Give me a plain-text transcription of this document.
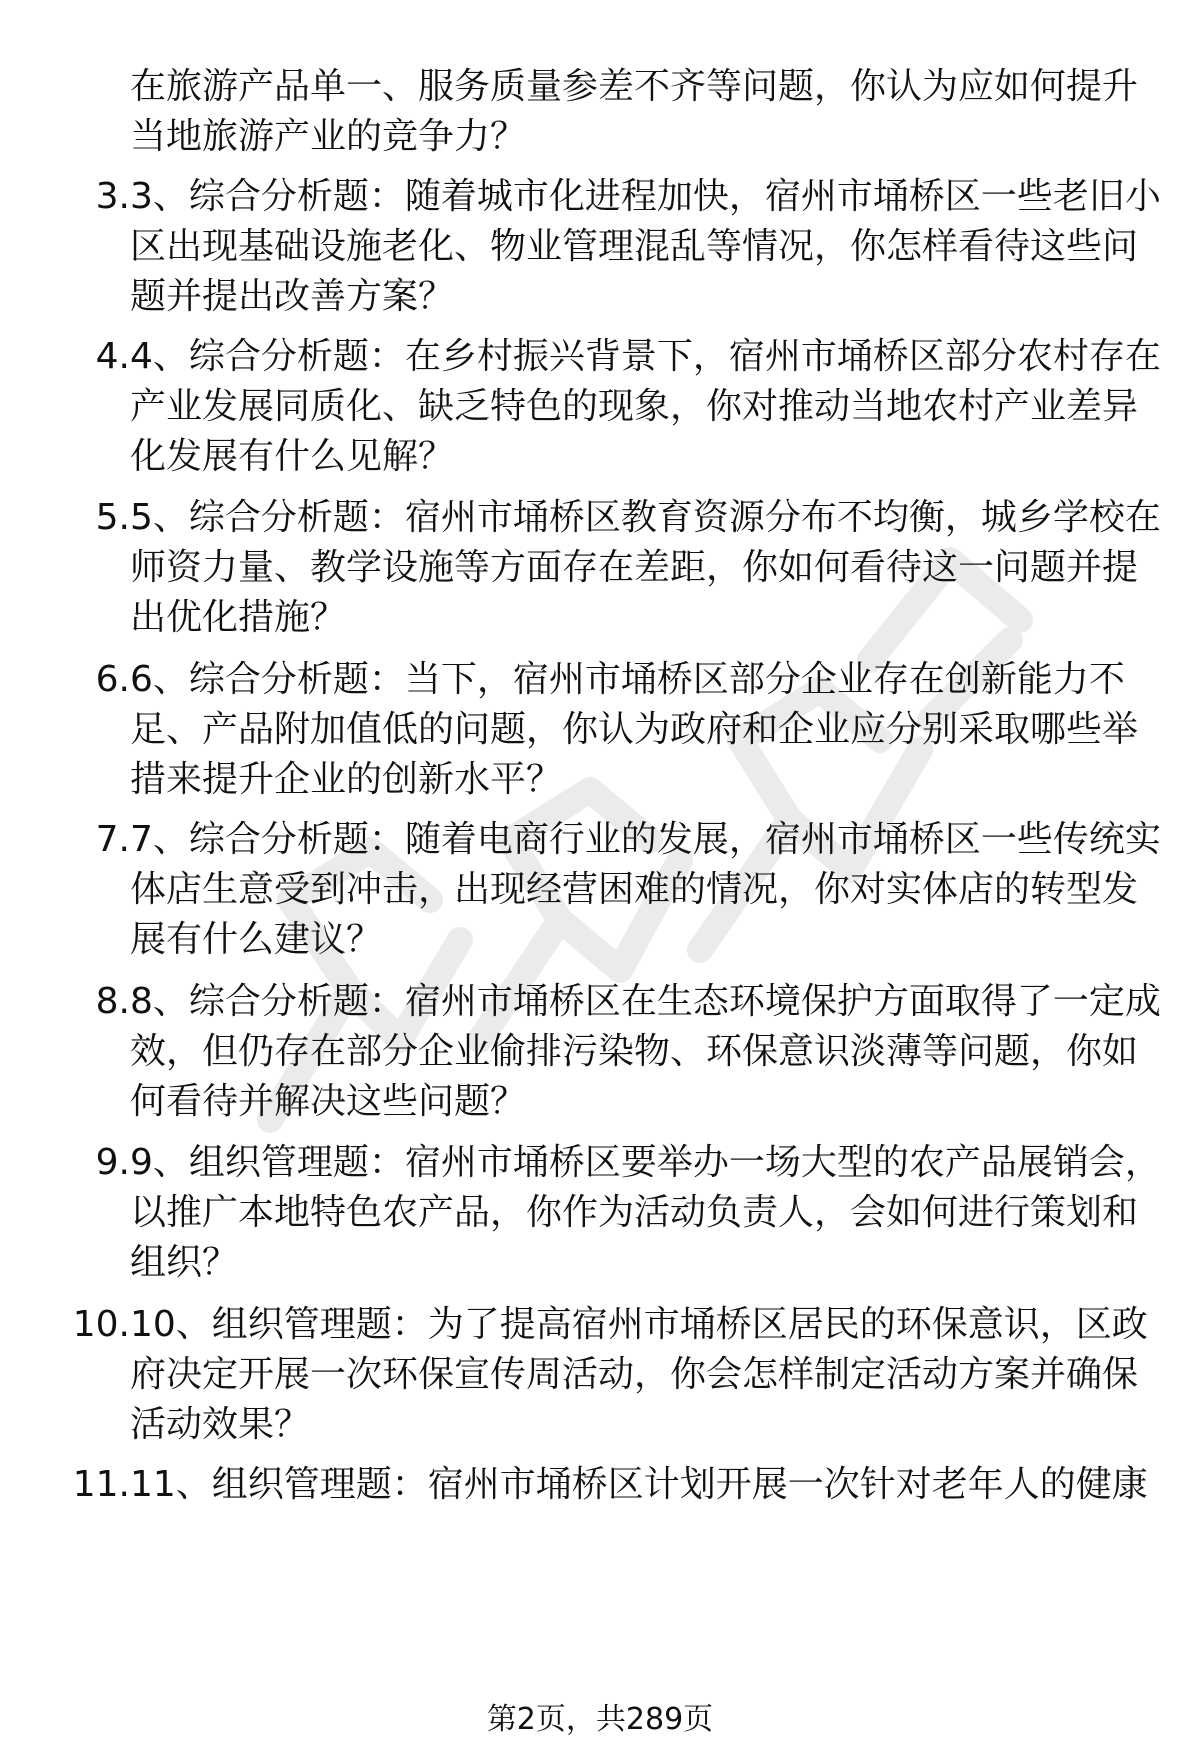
在旅游产品单一、服务质量参差不齐等问题，你认为应如何提升
当地旅游产业的竞争力？
3. 3、综合分析题：随着城市化进程加快，宿州市埇桥区一些老旧小
区出现基础设施老化、物业管理混乱等情况，你怎样看待这些问
题并提出改善方案？
4. 4、综合分析题：在乡村振兴背景下，宿州市埇桥区部分农村存在
产业发展同质化、缺乏特色的现象，你对推动当地农村产业差异
化发展有什么见解？
5. 5、综合分析题：宿州市埇桥区教育资源分布不均衡，城乡学校在
师资力量、教学设施等方面存在差距，你如何看待这一问题并提
出优化措施？
6. 6、综合分析题：当下，宿州市埇桥区部分企业存在创新能力不
足、产品附加值低的问题，你认为政府和企业应分别采取哪些举
措来提升企业的创新水平？
7. 7、综合分析题：随着电商行业的发展，宿州市埇桥区一些传统实
体店生意受到冲击，出现经营困难的情况，你对实体店的转型发
展有什么建议？
8. 8、综合分析题：宿州市埇桥区在生态环境保护方面取得了一定成
效，但仍存在部分企业偷排污染物、环保意识淡薄等问题，你如
何看待并解决这些问题？
9. 9、组织管理题：宿州市埇桥区要举办一场大型的农产品展销会，
以推广本地特色农产品，你作为活动负责人，会如何进行策划和
组织？
10. 10、组织管理题：为了提高宿州市埇桥区居民的环保意识，区政
府决定开展一次环保宣传周活动，你会怎样制定活动方案并确保
活动效果？
11. 11、组织管理题：宿州市埇桥区计划开展一次针对老年人的健康
第2页，共289页
